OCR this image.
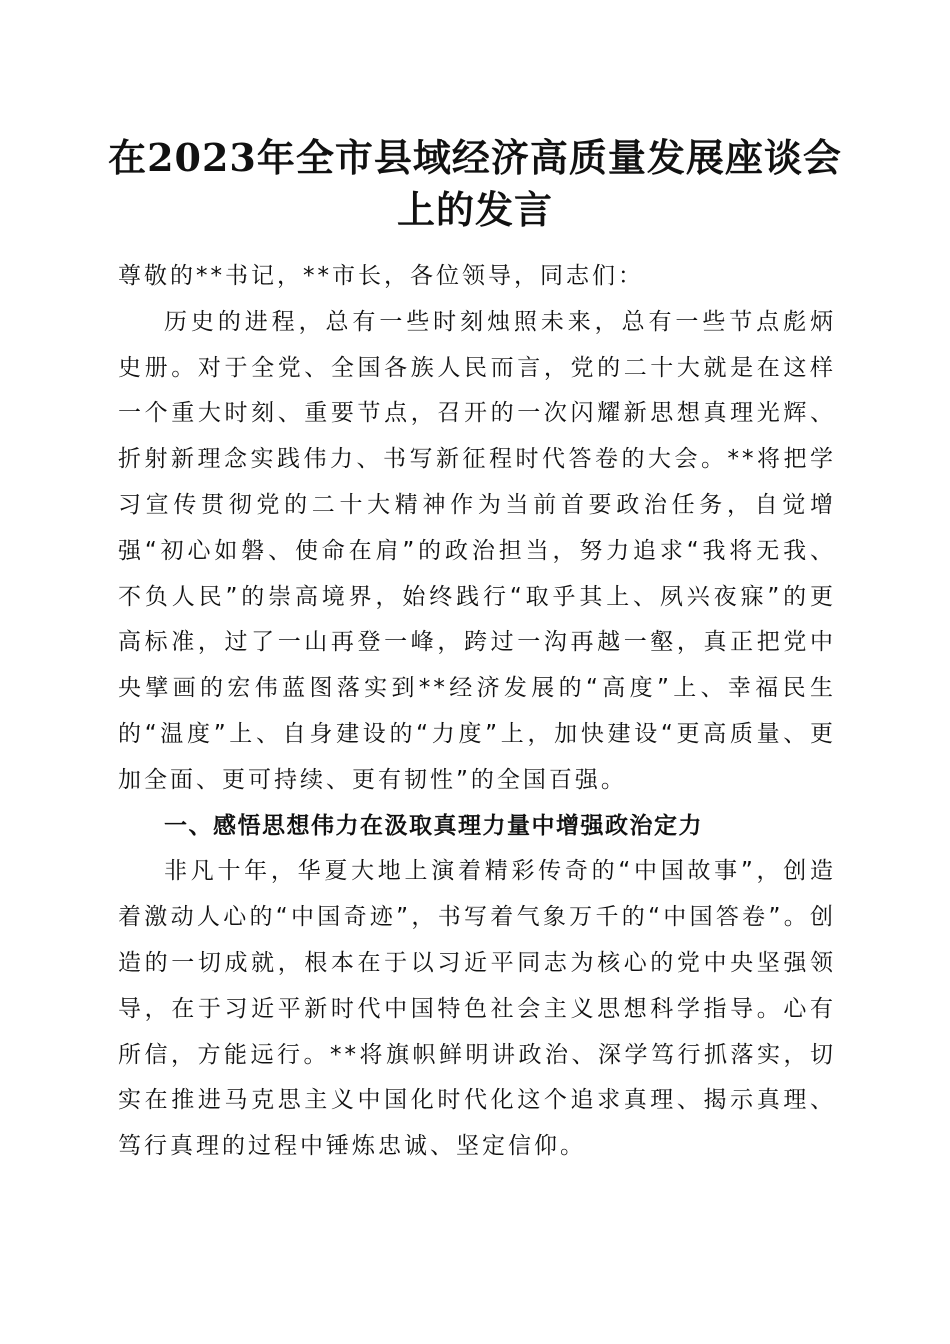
在2023年全市县域经济高质量发展座谈会上的发言

尊敬的**书记，**市长，各位领导，同志们：

历史的进程，总有一些时刻烛照未来，总有一些节点彪炳史册。对于全党、全国各族人民而言，党的二十大就是在这样一个重大时刻、重要节点，召开的一次闪耀新思想真理光辉、折射新理念实践伟力、书写新征程时代答卷的大会。**将把学习宣传贯彻党的二十大精神作为当前首要政治任务，自觉增强“初心如磐、使命在肩”的政治担当，努力追求“我将无我、不负人民”的崇高境界，始终践行“取乎其上、夙兴夜寐”的更高标准，过了一山再登一峰，跨过一沟再越一壑，真正把党中央擘画的宏伟蓝图落实到**经济发展的“高度”上、幸福民生的“温度”上、自身建设的“力度”上，加快建设“更高质量、更加全面、更可持续、更有韧性”的全国百强。

一、感悟思想伟力在汲取真理力量中增强政治定力

非凡十年，华夏大地上演着精彩传奇的“中国故事”，创造着激动人心的“中国奇迹”，书写着气象万千的“中国答卷”。创造的一切成就，根本在于以习近平同志为核心的党中央坚强领导，在于习近平新时代中国特色社会主义思想科学指导。心有所信，方能远行。**将旗帜鲜明讲政治、深学笃行抓落实，切实在推进马克思主义中国化时代化这个追求真理、揭示真理、笃行真理的过程中锤炼忠诚、坚定信仰。
